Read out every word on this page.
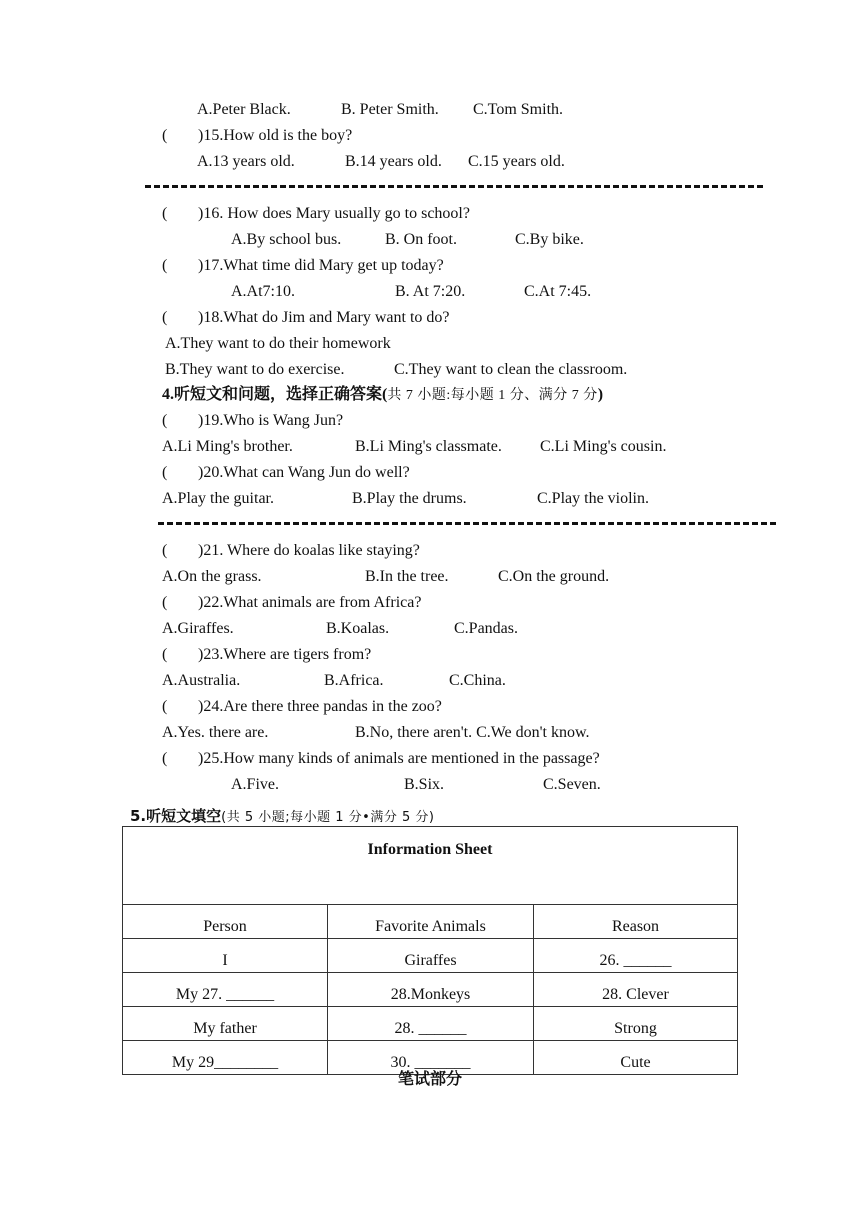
A.Peter Black.	B. Peter Smith. C.Tom Smith.
( )15.How old is the boy?
A.13 years old.	B.14 years old. C.15 years old.
( )16. How does Mary usually go to school?
A.By school bus.	B. On foot.	C.By bike.
( )17.What time did Mary get up today?
A.At7:10.	B. At 7:20.	C.At 7:45.
( )18.What do Jim and Mary want to do?
A.They want to do their homework
B.They want to do exercise.	C.They want to clean the classroom.
4.听短文和问题，选择正确答案(共 7 小题:每小题 1 分、满分 7 分)
( )19.Who is Wang Jun?
A.Li Ming's brother.	B.Li Ming's classmate. C.Li Ming's cousin.
( )20.What can Wang Jun do well?
A.Play the guitar.	B.Play the drums.	C.Play the violin.
( )21. Where do koalas like staying?
A.On the grass.	B.In the tree.	C.On the ground.
( )22.What animals are from Africa?
A.Giraffes.	B.Koalas.	C.Pandas.
( )23.Where are tigers from?
A.Australia.	B.Africa.	C.China.
( )24.Are there three pandas in the zoo?
A.Yes. there are.	B.No, there aren't. C.We don't know.
( )25.How many kinds of animals are mentioned in the passage?
A.Five.	B.Six.	C.Seven.
5.听短文填空(共 5 小题;每小题 1 分•满分 5 分)
Information Sheet		
Person	Favorite Animals	Reason
I	Giraffes	26. ______
My 27. ______	28.Monkeys	28. Clever
My father	28. ______	Strong
My 29________	30. _______	Cute
笔试部分
